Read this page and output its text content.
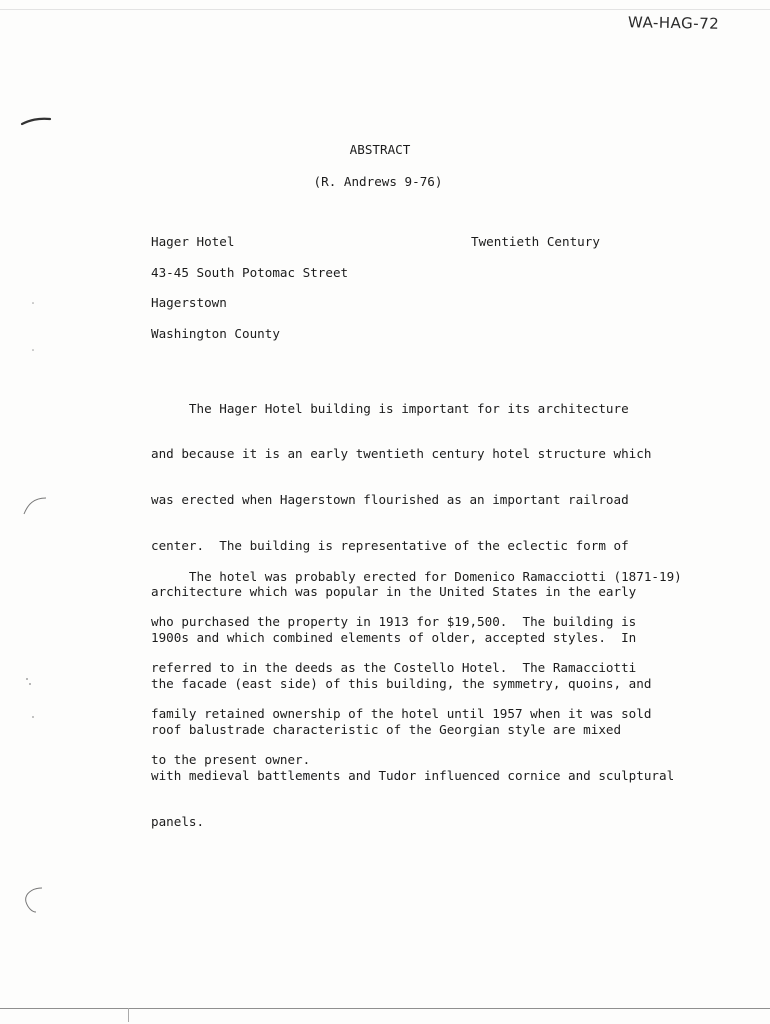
WA-HAG-72
ABSTRACT
(R. Andrews 9-76)
Hager Hotel	Twentieth Century
43-45 South Potomac Street
Hagerstown
Washington County

The Hager Hotel building is important for its architecture

and because it is an early twentieth century hotel structure which

was erected when Hagerstown flourished as an important railroad

center.  The building is representative of the eclectic form of

architecture which was popular in the United States in the early

1900s and which combined elements of older, accepted styles.  In

the facade (east side) of this building, the symmetry, quoins, and

roof balustrade characteristic of the Georgian style are mixed

with medieval battlements and Tudor influenced cornice and sculptural

panels.

The hotel was probably erected for Domenico Ramacciotti (1871-19)

who purchased the property in 1913 for $19,500.  The building is

referred to in the deeds as the Costello Hotel.  The Ramacciotti

family retained ownership of the hotel until 1957 when it was sold

to the present owner.
